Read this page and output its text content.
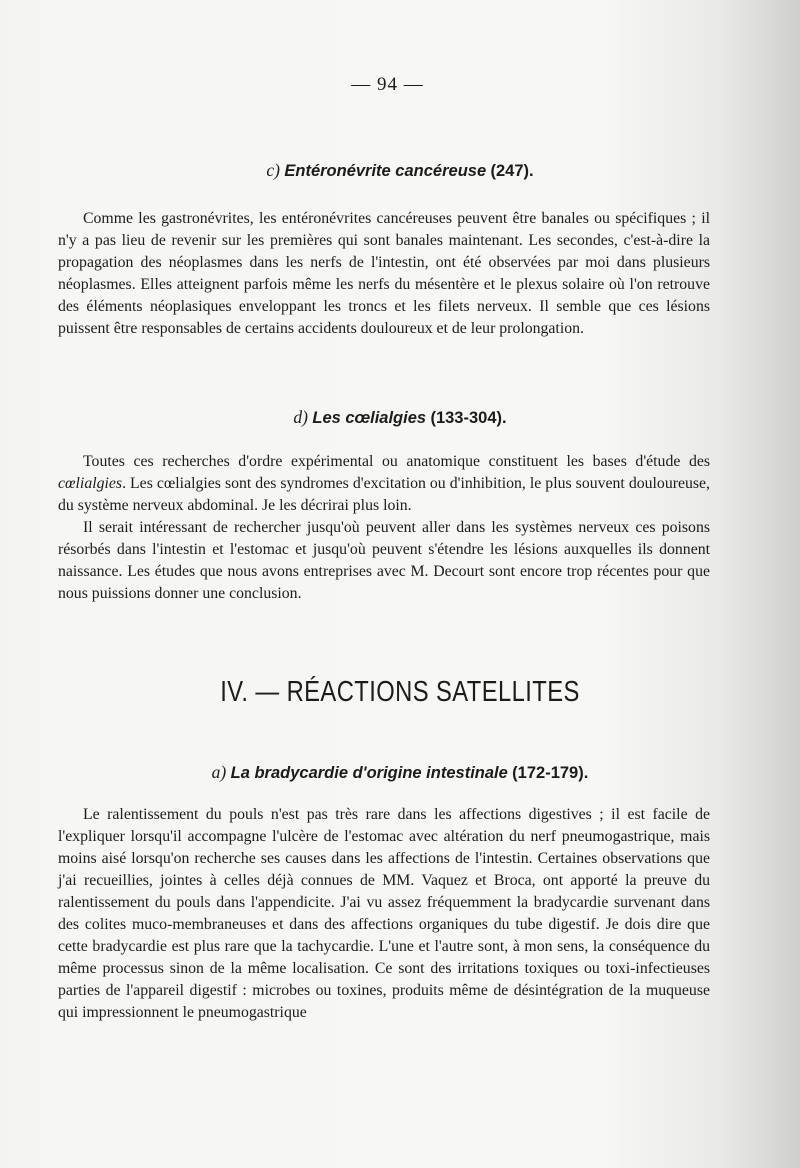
— 94 —
c) Entéronévrite cancéreuse (247).

Comme les gastronévrites, les entéronévrites cancéreuses peuvent être banales ou spécifiques ; il n'y a pas lieu de revenir sur les premières qui sont banales maintenant. Les secondes, c'est-à-dire la propagation des néoplasmes dans les nerfs de l'intestin, ont été observées par moi dans plusieurs néoplasmes. Elles atteignent parfois même les nerfs du mésentère et le plexus solaire où l'on retrouve des éléments néoplasiques enveloppant les troncs et les filets nerveux. Il semble que ces lésions puissent être responsables de certains accidents douloureux et de leur prolongation.

d) Les cœlialgies (133-304).

Toutes ces recherches d'ordre expérimental ou anatomique constituent les bases d'étude des cœlialgies. Les cœlialgies sont des syndromes d'excitation ou d'inhibition, le plus souvent douloureuse, du système nerveux abdominal. Je les décrirai plus loin.

Il serait intéressant de rechercher jusqu'où peuvent aller dans les systèmes nerveux ces poisons résorbés dans l'intestin et l'estomac et jusqu'où peuvent s'étendre les lésions auxquelles ils donnent naissance. Les études que nous avons entreprises avec M. Decourt sont encore trop récentes pour que nous puissions donner une conclusion.

IV. — RÉACTIONS SATELLITES
a) La bradycardie d'origine intestinale (172-179).

Le ralentissement du pouls n'est pas très rare dans les affections digestives ; il est facile de l'expliquer lorsqu'il accompagne l'ulcère de l'estomac avec altération du nerf pneumogastrique, mais moins aisé lorsqu'on recherche ses causes dans les affections de l'intestin. Certaines observations que j'ai recueillies, jointes à celles déjà connues de MM. Vaquez et Broca, ont apporté la preuve du ralentissement du pouls dans l'appendicite. J'ai vu assez fréquemment la bradycardie survenant dans des colites muco-membraneuses et dans des affections organiques du tube digestif. Je dois dire que cette bradycardie est plus rare que la tachycardie. L'une et l'autre sont, à mon sens, la conséquence du même processus sinon de la même localisation. Ce sont des irritations toxiques ou toxi-infectieuses parties de l'appareil digestif : microbes ou toxines, produits même de désintégration de la muqueuse qui impressionnent le pneumogastrique
